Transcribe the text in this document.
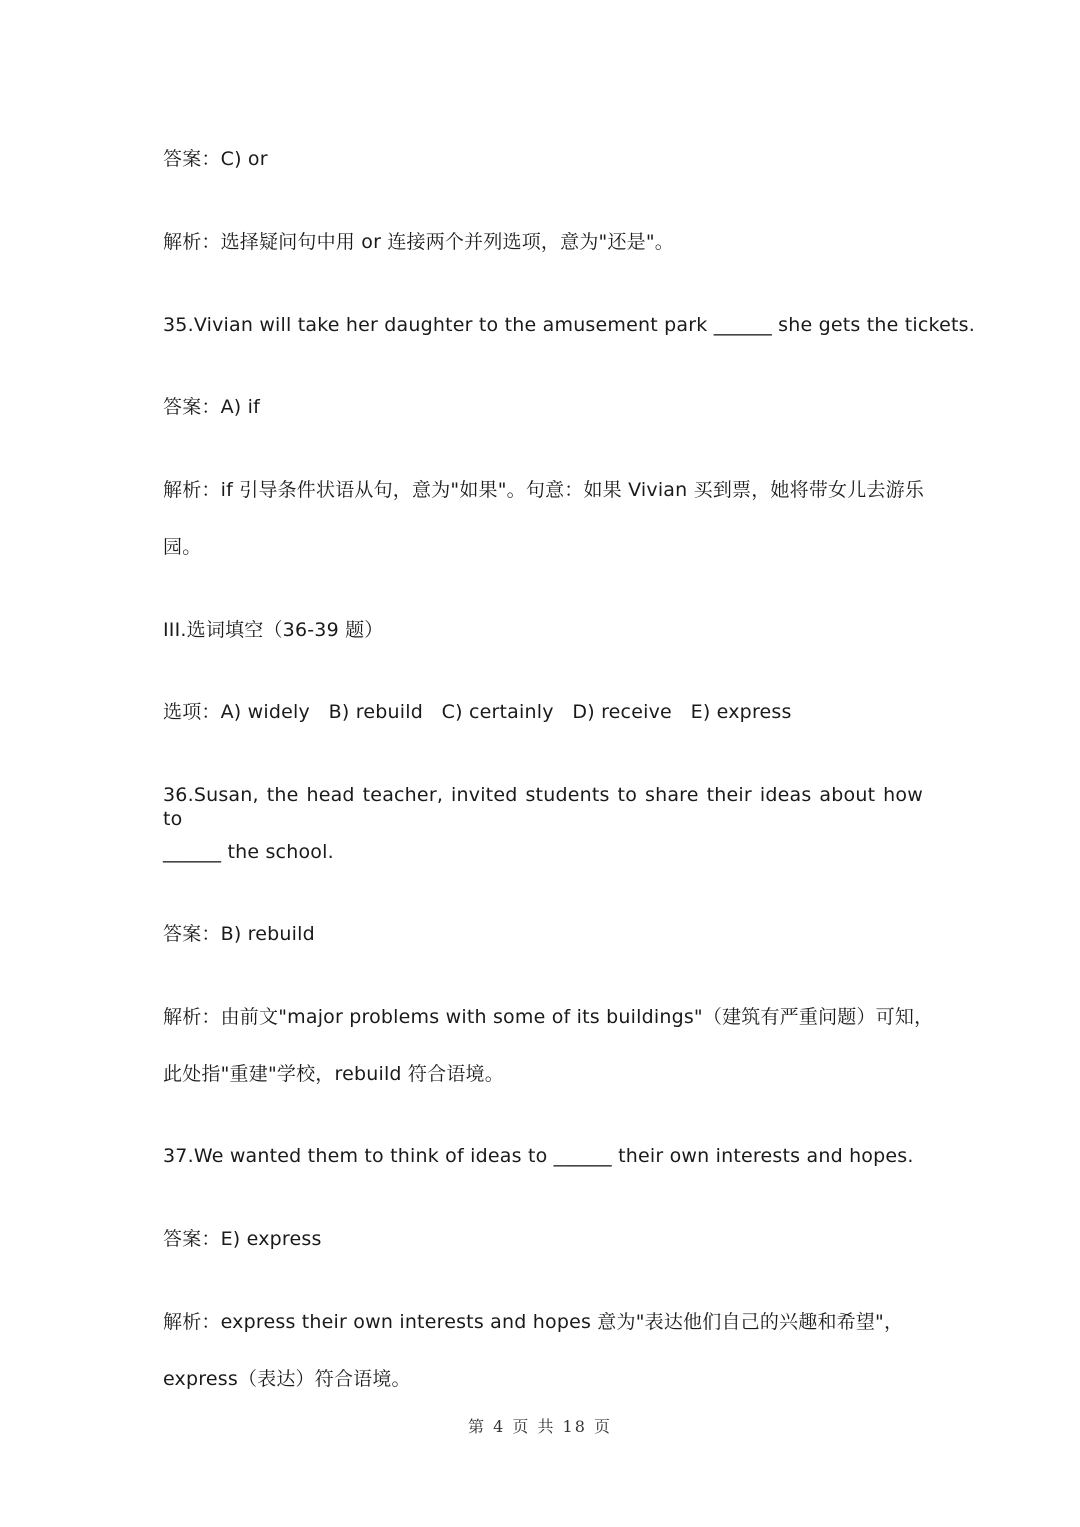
答案：C) or
解析：选择疑问句中用 or 连接两个并列选项，意为"还是"。
35.Vivian will take her daughter to the amusement park ______ she gets the tickets.
答案：A) if
解析：if 引导条件状语从句，意为"如果"。句意：如果 Vivian 买到票，她将带女儿去游乐
园。
III.选词填空（36-39 题）
选项：A) widely   B) rebuild   C) certainly   D) receive   E) express
36.Susan, the head teacher, invited students to share their ideas about how to
______ the school.
答案：B) rebuild
解析：由前文"major problems with some of its buildings"（建筑有严重问题）可知，
此处指"重建"学校，rebuild 符合语境。
37.We wanted them to think of ideas to ______ their own interests and hopes.
答案：E) express
解析：express their own interests and hopes 意为"表达他们自己的兴趣和希望"，
express（表达）符合语境。
第 4 页 共 18 页
